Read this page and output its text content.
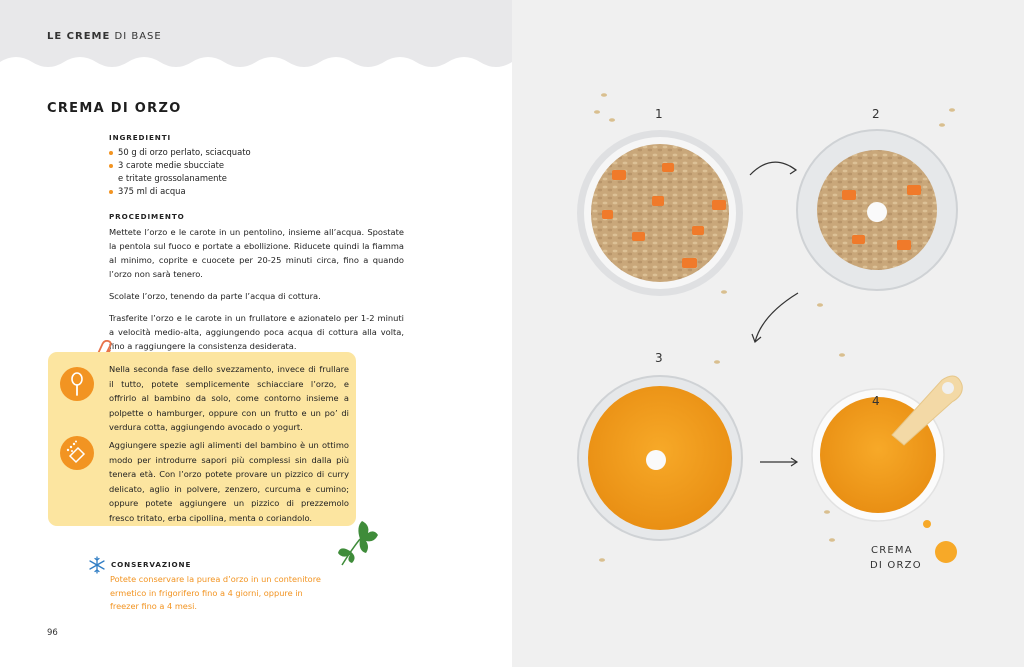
LE CREME DI BASE
CREMA DI ORZO
INGREDIENTI
50 g di orzo perlato, sciacquato
3 carote medie sbucciate
e tritate grossolanamente
375 ml di acqua
PROCEDIMENTO

Mettete l’orzo e le carote in un pentolino, insieme all’acqua. Spostate la pentola sul fuoco e portate a ebollizione. Riducete quindi la fiamma al minimo, coprite e cuocete per 20-25 minuti circa, fino a quando l’orzo non sarà tenero.

Scolate l’orzo, tenendo da parte l’acqua di cottura.

Trasferite l’orzo e le carote in un frullatore e azionatelo per 1-2 minuti a velocità medio-alta, aggiungendo poca acqua di cottura alla volta, fino a raggiungere la consistenza desiderata.

Nella seconda fase dello svezzamento, invece di frullare il tutto, potete semplicemente schiacciare l’orzo, e offrirlo al bambino da solo, come contorno insieme a polpette o hamburger, oppure con un frutto e un po’ di verdura cotta, aggiungendo avocado o yogurt.

Aggiungere spezie agli alimenti del bambino è un ottimo modo per introdurre sapori più complessi sin dalla più tenera età. Con l’orzo potete provare un pizzico di curry delicato, aglio in polvere, zenzero, curcuma e cumino; oppure potete aggiungere un pizzico di prezzemolo fresco tritato, erba cipollina, menta o coriandolo.

CONSERVAZIONE

Potete conservare la purea d’orzo in un contenitore ermetico in frigorifero fino a 4 giorni, oppure in freezer fino a 4 mesi.

96
1	2
3
4
CREMA
DI ORZO
